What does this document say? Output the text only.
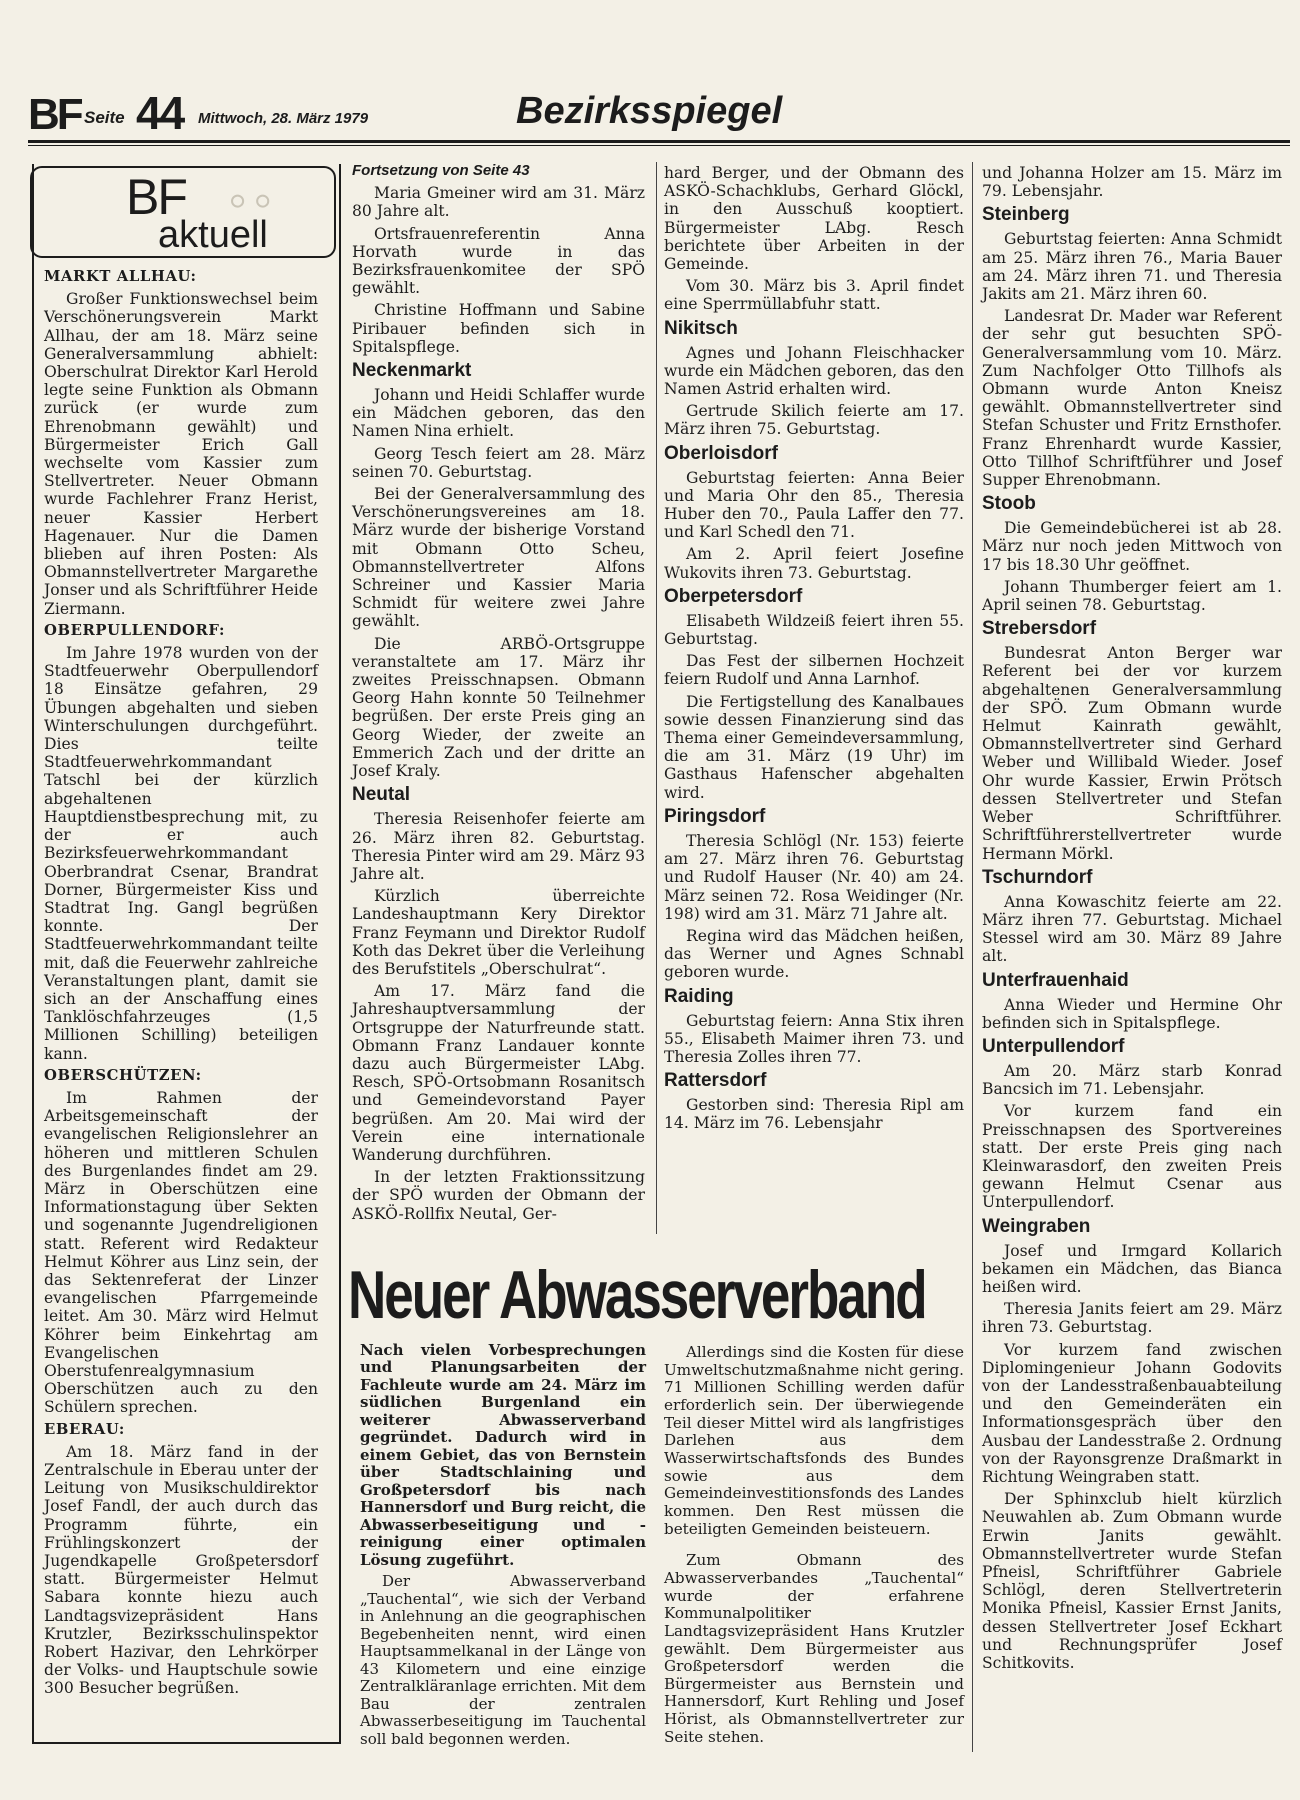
BF Seite 44 Mittwoch, 28. März 1979	Bezirksspiegel
◦◦
BF
aktuell

MARKT ALLHAU:

Großer Funktionswechsel beim Verschönerungsverein Markt Allhau, der am 18. März seine Generalversammlung abhielt: Oberschulrat Direktor Karl Herold legte seine Funktion als Obmann zurück (er wurde zum Ehrenobmann gewählt) und Bürgermeister Erich Gall wechselte vom Kassier zum Stellvertreter. Neuer Obmann wurde Fachlehrer Franz Herist, neuer Kassier Herbert Hagenauer. Nur die Damen blieben auf ihren Posten: Als Obmannstellvertreter Margarethe Jonser und als Schriftführer Heide Ziermann.

OBERPULLENDORF:

Im Jahre 1978 wurden von der Stadtfeuerwehr Oberpullendorf 18 Einsätze gefahren, 29 Übungen abgehalten und sieben Winterschulungen durchgeführt. Dies teilte Stadtfeuerwehrkommandant Tatschl bei der kürzlich abgehaltenen Hauptdienstbesprechung mit, zu der er auch Bezirksfeuerwehrkommandant Oberbrandrat Csenar, Brandrat Dorner, Bürgermeister Kiss und Stadtrat Ing. Gangl begrüßen konnte. Der Stadtfeuerwehrkommandant teilte mit, daß die Feuerwehr zahlreiche Veranstaltungen plant, damit sie sich an der Anschaffung eines Tanklöschfahrzeuges (1,5 Millionen Schilling) beteiligen kann.

OBERSCHÜTZEN:

Im Rahmen der Arbeitsgemeinschaft der evangelischen Religionslehrer an höheren und mittleren Schulen des Burgenlandes findet am 29. März in Oberschützen eine Informationstagung über Sekten und sogenannte Jugendreligionen statt. Referent wird Redakteur Helmut Köhrer aus Linz sein, der das Sektenreferat der Linzer evangelischen Pfarrgemeinde leitet. Am 30. März wird Helmut Köhrer beim Einkehrtag am Evangelischen Oberstufenrealgymnasium Oberschützen auch zu den Schülern sprechen.

EBERAU:

Am 18. März fand in der Zentralschule in Eberau unter der Leitung von Musikschuldirektor Josef Fandl, der auch durch das Programm führte, ein Frühlingskonzert der Jugendkapelle Großpetersdorf statt. Bürgermeister Helmut Sabara konnte hiezu auch Landtagsvizepräsident Hans Krutzler, Bezirksschulinspektor Robert Hazivar, den Lehrkörper der Volks- und Hauptschule sowie 300 Besucher begrüßen.

Fortsetzung von Seite 43

Maria Gmeiner wird am 31. März 80 Jahre alt.

Ortsfrauenreferentin Anna Horvath wurde in das Bezirksfrauenkomitee der SPÖ gewählt.

Christine Hoffmann und Sabine Piribauer befinden sich in Spitalspflege.

Neckenmarkt

Johann und Heidi Schlaffer wurde ein Mädchen geboren, das den Namen Nina erhielt.

Georg Tesch feiert am 28. März seinen 70. Geburtstag.

Bei der Generalversammlung des Verschönerungsvereines am 18. März wurde der bisherige Vorstand mit Obmann Otto Scheu, Obmannstellvertreter Alfons Schreiner und Kassier Maria Schmidt für weitere zwei Jahre gewählt.

Die ARBÖ-Ortsgruppe veranstaltete am 17. März ihr zweites Preisschnapsen. Obmann Georg Hahn konnte 50 Teilnehmer begrüßen. Der erste Preis ging an Georg Wieder, der zweite an Emmerich Zach und der dritte an Josef Kraly.

Neutal

Theresia Reisenhofer feierte am 26. März ihren 82. Geburtstag. Theresia Pinter wird am 29. März 93 Jahre alt.

Kürzlich überreichte Landeshauptmann Kery Direktor Franz Feymann und Direktor Rudolf Koth das Dekret über die Verleihung des Berufstitels „Oberschulrat“.

Am 17. März fand die Jahreshauptversammlung der Ortsgruppe der Naturfreunde statt. Obmann Franz Landauer konnte dazu auch Bürgermeister LAbg. Resch, SPÖ-Ortsobmann Rosanitsch und Gemeindevorstand Payer begrüßen. Am 20. Mai wird der Verein eine internationale Wanderung durchführen.

In der letzten Fraktionssitzung der SPÖ wurden der Obmann der ASKÖ-Rollfix Neutal, Ger-

hard Berger, und der Obmann des ASKÖ-Schachklubs, Gerhard Glöckl, in den Ausschuß kooptiert. Bürgermeister LAbg. Resch berichtete über Arbeiten in der Gemeinde.

Vom 30. März bis 3. April findet eine Sperrmüllabfuhr statt.

Nikitsch

Agnes und Johann Fleischhacker wurde ein Mädchen geboren, das den Namen Astrid erhalten wird.

Gertrude Skilich feierte am 17. März ihren 75. Geburtstag.

Oberloisdorf

Geburtstag feierten: Anna Beier und Maria Ohr den 85., Theresia Huber den 70., Paula Laffer den 77. und Karl Schedl den 71.

Am 2. April feiert Josefine Wukovits ihren 73. Geburtstag.

Oberpetersdorf

Elisabeth Wildzeiß feiert ihren 55. Geburtstag.

Das Fest der silbernen Hochzeit feiern Rudolf und Anna Larnhof.

Die Fertigstellung des Kanalbaues sowie dessen Finanzierung sind das Thema einer Gemeindeversammlung, die am 31. März (19 Uhr) im Gasthaus Hafenscher abgehalten wird.

Piringsdorf

Theresia Schlögl (Nr. 153) feierte am 27. März ihren 76. Geburtstag und Rudolf Hauser (Nr. 40) am 24. März seinen 72. Rosa Weidinger (Nr. 198) wird am 31. März 71 Jahre alt.

Regina wird das Mädchen heißen, das Werner und Agnes Schnabl geboren wurde.

Raiding

Geburtstag feiern: Anna Stix ihren 55., Elisabeth Maimer ihren 73. und Theresia Zolles ihren 77.

Rattersdorf

Gestorben sind: Theresia Ripl am 14. März im 76. Lebensjahr

und Johanna Holzer am 15. März im 79. Lebensjahr.

Steinberg

Geburtstag feierten: Anna Schmidt am 25. März ihren 76., Maria Bauer am 24. März ihren 71. und Theresia Jakits am 21. März ihren 60.

Landesrat Dr. Mader war Referent der sehr gut besuchten SPÖ-Generalversammlung vom 10. März. Zum Nachfolger Otto Tillhofs als Obmann wurde Anton Kneisz gewählt. Obmannstellvertreter sind Stefan Schuster und Fritz Ernsthofer. Franz Ehrenhardt wurde Kassier, Otto Tillhof Schriftführer und Josef Supper Ehrenobmann.

Stoob

Die Gemeindebücherei ist ab 28. März nur noch jeden Mittwoch von 17 bis 18.30 Uhr geöffnet.

Johann Thumberger feiert am 1. April seinen 78. Geburtstag.

Strebersdorf

Bundesrat Anton Berger war Referent bei der vor kurzem abgehaltenen Generalversammlung der SPÖ. Zum Obmann wurde Helmut Kainrath gewählt, Obmannstellvertreter sind Gerhard Weber und Willibald Wieder. Josef Ohr wurde Kassier, Erwin Prötsch dessen Stellvertreter und Stefan Weber Schriftführer. Schriftführerstellvertreter wurde Hermann Mörkl.

Tschurndorf

Anna Kowaschitz feierte am 22. März ihren 77. Geburtstag. Michael Stessel wird am 30. März 89 Jahre alt.

Unterfrauenhaid

Anna Wieder und Hermine Ohr befinden sich in Spitalspflege.

Unterpullendorf

Am 20. März starb Konrad Bancsich im 71. Lebensjahr.

Vor kurzem fand ein Preisschnapsen des Sportvereines statt. Der erste Preis ging nach Kleinwarasdorf, den zweiten Preis gewann Helmut Csenar aus Unterpullendorf.

Weingraben

Josef und Irmgard Kollarich bekamen ein Mädchen, das Bianca heißen wird.

Theresia Janits feiert am 29. März ihren 73. Geburtstag.

Vor kurzem fand zwischen Diplomingenieur Johann Godovits von der Landesstraßenbauabteilung und den Gemeinderäten ein Informationsgespräch über den Ausbau der Landesstraße 2. Ordnung von der Rayonsgrenze Draßmarkt in Richtung Weingraben statt.

Der Sphinxclub hielt kürzlich Neuwahlen ab. Zum Obmann wurde Erwin Janits gewählt. Obmannstellvertreter wurde Stefan Pfneisl, Schriftführer Gabriele Schlögl, deren Stellvertreterin Monika Pfneisl, Kassier Ernst Janits, dessen Stellvertreter Josef Eckhart und Rechnungsprüfer Josef Schitkovits.

Neuer Abwasserverband

Nach vielen Vorbesprechungen und Planungsarbeiten der Fachleute wurde am 24. März im südlichen Burgenland ein weiterer Abwasserverband gegründet. Dadurch wird in einem Gebiet, das von Bernstein über Stadtschlaining und Großpetersdorf bis nach Hannersdorf und Burg reicht, die Abwasserbeseitigung und -reinigung einer optimalen Lösung zugeführt.

Der Abwasserverband „Tauchental“, wie sich der Verband in Anlehnung an die geographischen Begebenheiten nennt, wird einen Hauptsammelkanal in der Länge von 43 Kilometern und eine einzige Zentralkläranlage errichten. Mit dem Bau der zentralen Abwasserbeseitigung im Tauchental soll bald begonnen werden.

Allerdings sind die Kosten für diese Umweltschutzmaßnahme nicht gering. 71 Millionen Schilling werden dafür erforderlich sein. Der überwiegende Teil dieser Mittel wird als langfristiges Darlehen aus dem Wasserwirtschaftsfonds des Bundes sowie aus dem Gemeindeinvestitionsfonds des Landes kommen. Den Rest müssen die beteiligten Gemeinden beisteuern.

Zum Obmann des Abwasserverbandes „Tauchental“ wurde der erfahrene Kommunalpolitiker Landtagsvizepräsident Hans Krutzler gewählt. Dem Bürgermeister aus Großpetersdorf werden die Bürgermeister aus Bernstein und Hannersdorf, Kurt Rehling und Josef Hörist, als Obmannstellvertreter zur Seite stehen.
